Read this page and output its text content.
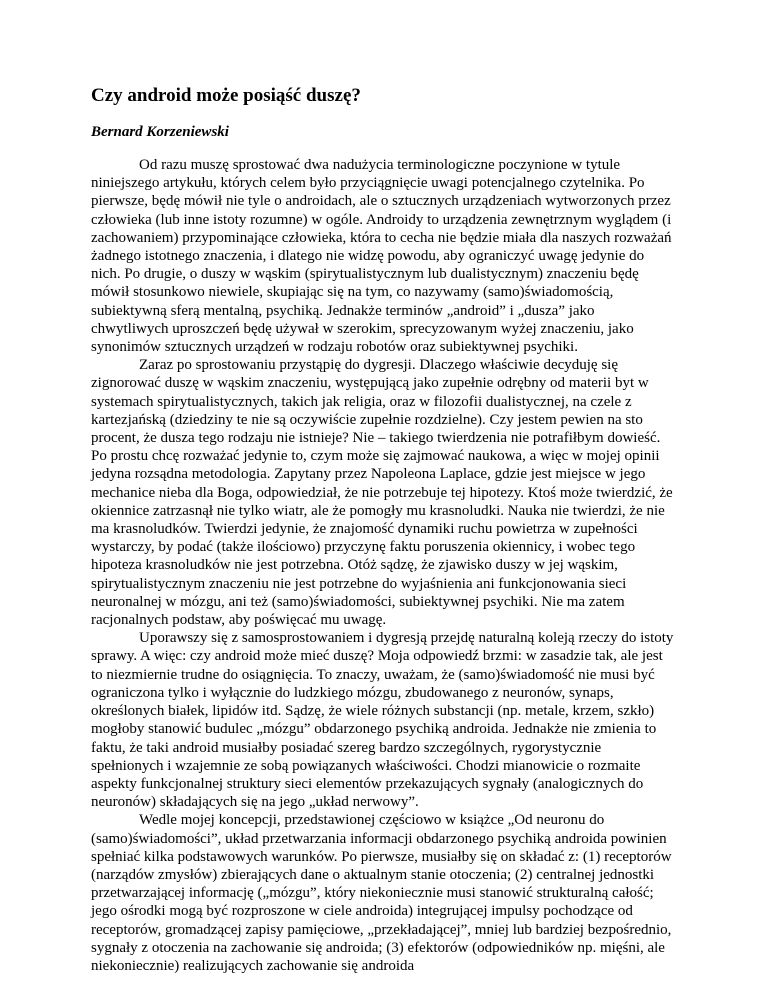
Czy android może posiąść duszę?

Bernard Korzeniewski

Od razu muszę sprostować dwa nadużycia terminologiczne poczynione w tytule niniejszego artykułu, których celem było przyciągnięcie uwagi potencjalnego czytelnika. Po pierwsze, będę mówił nie tyle o androidach, ale o sztucznych urządzeniach wytworzonych przez człowieka (lub inne istoty rozumne) w ogóle. Androidy to urządzenia zewnętrznym wyglądem (i zachowaniem) przypominające człowieka, która to cecha nie będzie miała dla naszych rozważań żadnego istotnego znaczenia, i dlatego nie widzę powodu, aby ograniczyć uwagę jedynie do nich. Po drugie, o duszy w wąskim (spirytualistycznym lub dualistycznym) znaczeniu będę mówił stosunkowo niewiele, skupiając się na tym, co nazywamy (samo)świadomością, subiektywną sferą mentalną, psychiką. Jednakże terminów „android” i „dusza” jako chwytliwych uproszczeń będę używał w szerokim, sprecyzowanym wyżej znaczeniu, jako synonimów sztucznych urządzeń w rodzaju robotów oraz subiektywnej psychiki.

Zaraz po sprostowaniu przystąpię do dygresji. Dlaczego właściwie decyduję się zignorować duszę w wąskim znaczeniu, występującą jako zupełnie odrębny od materii byt w systemach spirytualistycznych, takich jak religia, oraz w filozofii dualistycznej, na czele z kartezjańską (dziedziny te nie są oczywiście zupełnie rozdzielne). Czy jestem pewien na sto procent, że dusza tego rodzaju nie istnieje? Nie – takiego twierdzenia nie potrafiłbym dowieść. Po prostu chcę rozważać jedynie to, czym może się zajmować naukowa, a więc w mojej opinii jedyna rozsądna metodologia. Zapytany przez Napoleona Laplace, gdzie jest miejsce w jego mechanice nieba dla Boga, odpowiedział, że nie potrzebuje tej hipotezy. Ktoś może twierdzić, że okiennice zatrzasnął nie tylko wiatr, ale że pomogły mu krasnoludki. Nauka nie twierdzi, że nie ma krasnoludków. Twierdzi jedynie, że znajomość dynamiki ruchu powietrza w zupełności wystarczy, by podać (także ilościowo) przyczynę faktu poruszenia okiennicy, i wobec tego hipoteza krasnoludków nie jest potrzebna. Otóż sądzę, że zjawisko duszy w jej wąskim, spirytualistycznym znaczeniu nie jest potrzebne do wyjaśnienia ani funkcjonowania sieci neuronalnej w mózgu, ani też (samo)świadomości, subiektywnej psychiki. Nie ma zatem racjonalnych podstaw, aby poświęcać mu uwagę.

Uporawszy się z samosprostowaniem i dygresją przejdę naturalną koleją rzeczy do istoty sprawy. A więc: czy android może mieć duszę? Moja odpowiedź brzmi: w zasadzie tak, ale jest to niezmiernie trudne do osiągnięcia. To znaczy, uważam, że (samo)świadomość nie musi być ograniczona tylko i wyłącznie do ludzkiego mózgu, zbudowanego z neuronów, synaps, określonych białek, lipidów itd. Sądzę, że wiele różnych substancji (np. metale, krzem, szkło) mogłoby stanowić budulec „mózgu” obdarzonego psychiką androida. Jednakże nie zmienia to faktu, że taki android musiałby posiadać szereg bardzo szczególnych, rygorystycznie spełnionych i wzajemnie ze sobą powiązanych właściwości. Chodzi mianowicie o rozmaite aspekty funkcjonalnej struktury sieci elementów przekazujących sygnały (analogicznych do neuronów) składających się na jego „układ nerwowy”.

Wedle mojej koncepcji, przedstawionej częściowo w książce „Od neuronu do (samo)świadomości”, układ przetwarzania informacji obdarzonego psychiką androida powinien spełniać kilka podstawowych warunków. Po pierwsze, musiałby się on składać z: (1) receptorów (narządów zmysłów) zbierających dane o aktualnym stanie otoczenia; (2) centralnej jednostki przetwarzającej informację („mózgu”, który niekoniecznie musi stanowić strukturalną całość; jego ośrodki mogą być rozproszone w ciele androida) integrującej impulsy pochodzące od receptorów, gromadzącej zapisy pamięciowe, „przekładającej”, mniej lub bardziej bezpośrednio, sygnały z otoczenia na zachowanie się androida; (3) efektorów (odpowiedników np. mięśni, ale niekoniecznie) realizujących zachowanie się androida
